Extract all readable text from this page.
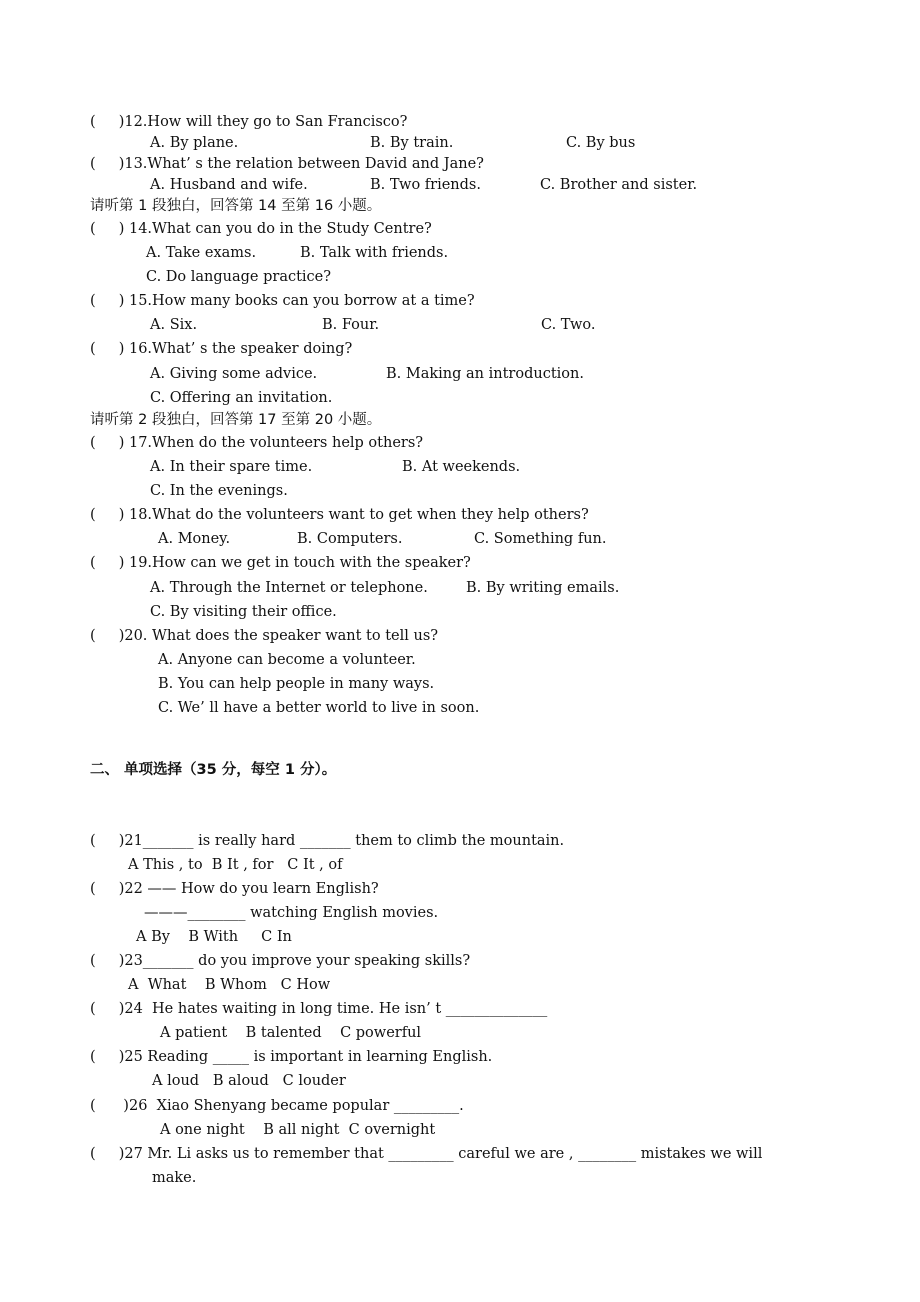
(     )12.How will they go to San Francisco?
A. By plane.	B. By train.	C. By bus
(     )13.What’ s the relation between David and Jane?
A. Husband and wife.	B. Two friends.	C. Brother and sister.
请听第 1 段独白，回答第 14 至第 16 小题。
(     ) 14.What can you do in the Study Centre?
A. Take exams.	B. Talk with friends.
C. Do language practice?
(     ) 15.How many books can you borrow at a time?
A. Six.	B. Four.	C. Two.
(     ) 16.What’ s the speaker doing?
A. Giving some advice.	B. Making an introduction.
C. Offering an invitation.
请听第 2 段独白，回答第 17 至第 20 小题。
(     ) 17.When do the volunteers help others?
A. In their spare time.	B. At weekends.
C. In the evenings.
(     ) 18.What do the volunteers want to get when they help others?
A. Money.	B. Computers.	C. Something fun.
(     ) 19.How can we get in touch with the speaker?
A. Through the Internet or telephone.	B. By writing emails.
C. By visiting their office.
(     )20. What does the speaker want to tell us?
A. Anyone can become a volunteer.
B. You can help people in many ways.
C. We’ ll have a better world to live in soon.
二、 单项选择（35 分，每空 1 分）。
(     )21_______ is really hard _______ them to climb the mountain.
A This , to  B It , for   C It , of
(     )22 —— How do you learn English?
———________ watching English movies.
A By    B With     C In
(     )23_______ do you improve your speaking skills?
A  What    B Whom   C How
(     )24  He hates waiting in long time. He isn’ t ______________
A patient    B talented    C powerful
(     )25 Reading _____ is important in learning English.
A loud   B aloud   C louder
(      )26  Xiao Shenyang became popular _________.
A one night    B all night  C overnight
(     )27 Mr. Li asks us to remember that _________ careful we are , ________ mistakes we will
make.
